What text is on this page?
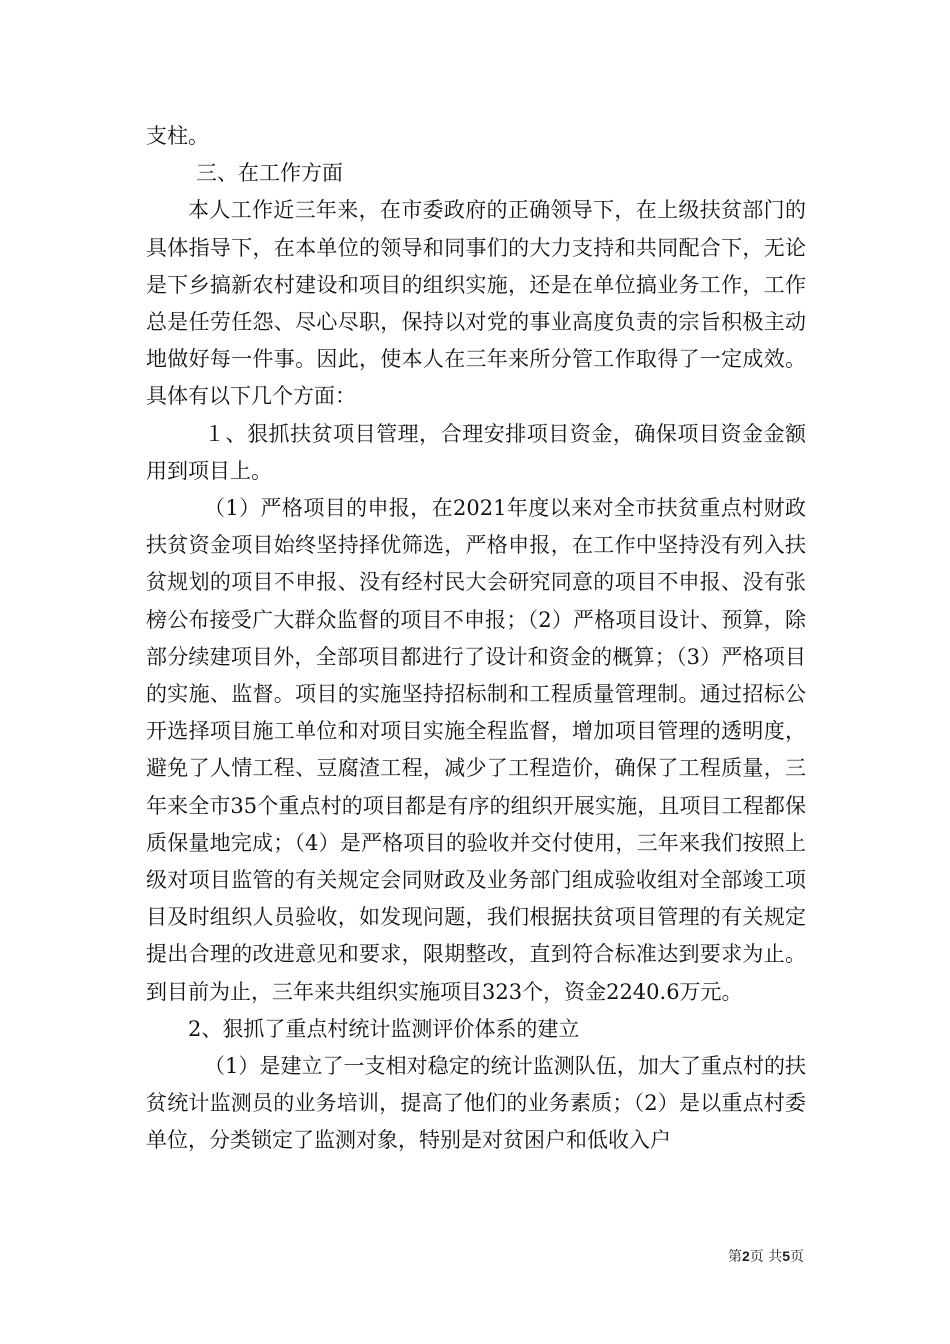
支柱。

三、在工作方面

本人工作近三年来，在市委政府的正确领导下，在上级扶贫部门的具体指导下，在本单位的领导和同事们的大力支持和共同配合下，无论是下乡搞新农村建设和项目的组织实施，还是在单位搞业务工作，工作总是任劳任怨、尽心尽职，保持以对党的事业高度负责的宗旨积极主动地做好每一件事。因此，使本人在三年来所分管工作取得了一定成效。具体有以下几个方面：

１、狠抓扶贫项目管理，合理安排项目资金，确保项目资金金额用到项目上。

（1）严格项目的申报，在2021年度以来对全市扶贫重点村财政扶贫资金项目始终坚持择优筛选，严格申报，在工作中坚持没有列入扶贫规划的项目不申报、没有经村民大会研究同意的项目不申报、没有张榜公布接受广大群众监督的项目不申报；（2）严格项目设计、预算，除部分续建项目外，全部项目都进行了设计和资金的概算；（3）严格项目的实施、监督。项目的实施坚持招标制和工程质量管理制。通过招标公开选择项目施工单位和对项目实施全程监督，增加项目管理的透明度，避免了人情工程、豆腐渣工程，减少了工程造价，确保了工程质量，三年来全市35个重点村的项目都是有序的组织开展实施，且项目工程都保质保量地完成；（4）是严格项目的验收并交付使用，三年来我们按照上级对项目监管的有关规定会同财政及业务部门组成验收组对全部竣工项目及时组织人员验收，如发现问题，我们根据扶贫项目管理的有关规定提出合理的改进意见和要求，限期整改，直到符合标准达到要求为止。到目前为止，三年来共组织实施项目323个，资金2240.6万元。

2、狠抓了重点村统计监测评价体系的建立

（1）是建立了一支相对稳定的统计监测队伍，加大了重点村的扶贫统计监测员的业务培训，提高了他们的业务素质；（2）是以重点村委单位，分类锁定了监测对象，特别是对贫困户和低收入户

第2页 共5页
